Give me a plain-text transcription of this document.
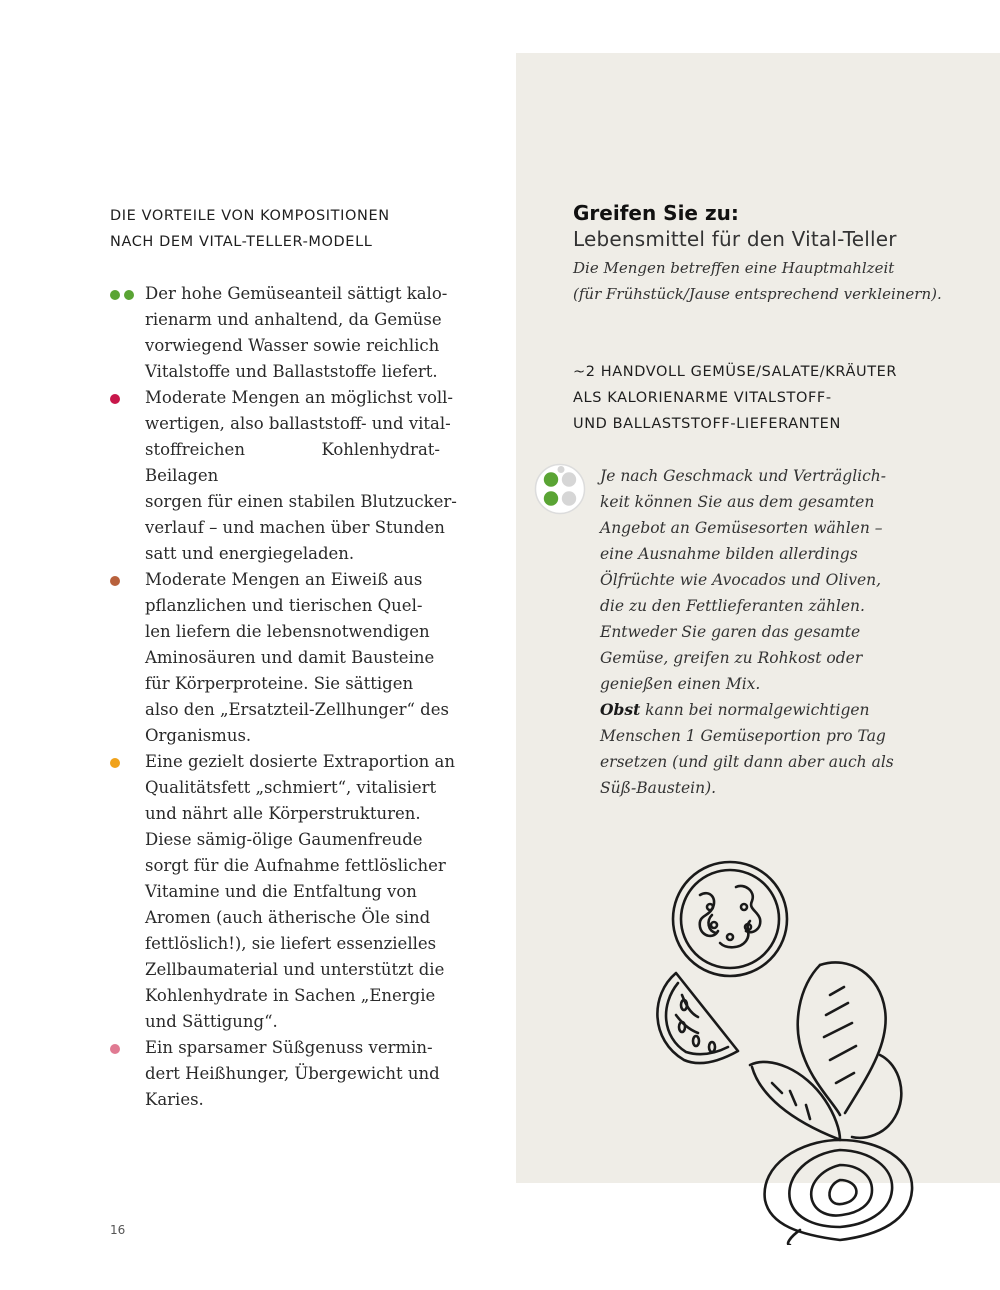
DIE VORTEILE VON KOMPOSITIONEN
NACH DEM VITAL-TELLER-MODELL
Der hohe Gemüseanteil sättigt kalo-
rienarm und anhaltend, da Gemüse
vorwiegend Wasser sowie reichlich
Vitalstoffe und Ballaststoffe liefert.
Moderate Mengen an möglichst voll-
wertigen, also ballaststoff- und vital-
stoffreichen Kohlenhydrat-Beilagen
sorgen für einen stabilen Blutzucker-
verlauf – und machen über Stunden
satt und energiegeladen.
Moderate Mengen an Eiweiß aus
pflanzlichen und tierischen Quel-
len liefern die lebensnotwendigen
Aminosäuren und damit Bausteine
für Körperproteine. Sie sättigen
also den „Ersatzteil-Zellhunger“ des
Organismus.
Eine gezielt dosierte Extraportion an
Qualitätsfett „schmiert“, vitalisiert
und nährt alle Körperstrukturen.
Diese sämig-ölige Gaumenfreude
sorgt für die Aufnahme fettlöslicher
Vitamine und die Entfaltung von
Aromen (auch ätherische Öle sind
fettlöslich!), sie liefert essenzielles
Zellbaumaterial und unterstützt die
Kohlenhydrate in Sachen „Energie
und Sättigung“.
Ein sparsamer Süßgenuss vermin-
dert Heißhunger, Übergewicht und
Karies.
Greifen Sie zu:
Lebensmittel für den Vital-Teller
Die Mengen betreffen eine Hauptmahlzeit
(für Frühstück/Jause entsprechend verkleinern).
~2 HANDVOLL GEMÜSE/SALATE/KRÄUTER
ALS KALORIENARME VITALSTOFF-
UND BALLASTSTOFF-LIEFERANTEN
Je nach Geschmack und Verträglich-
keit können Sie aus dem gesamten
Angebot an Gemüsesorten wählen –
eine Ausnahme bilden allerdings
Ölfrüchte wie Avocados und Oliven,
die zu den Fettlieferanten zählen.
Entweder Sie garen das gesamte
Gemüse, greifen zu Rohkost oder
genießen einen Mix.
Obst kann bei normalgewichtigen
Menschen 1 Gemüseportion pro Tag
ersetzen (und gilt dann aber auch als
Süß-Baustein).
16
